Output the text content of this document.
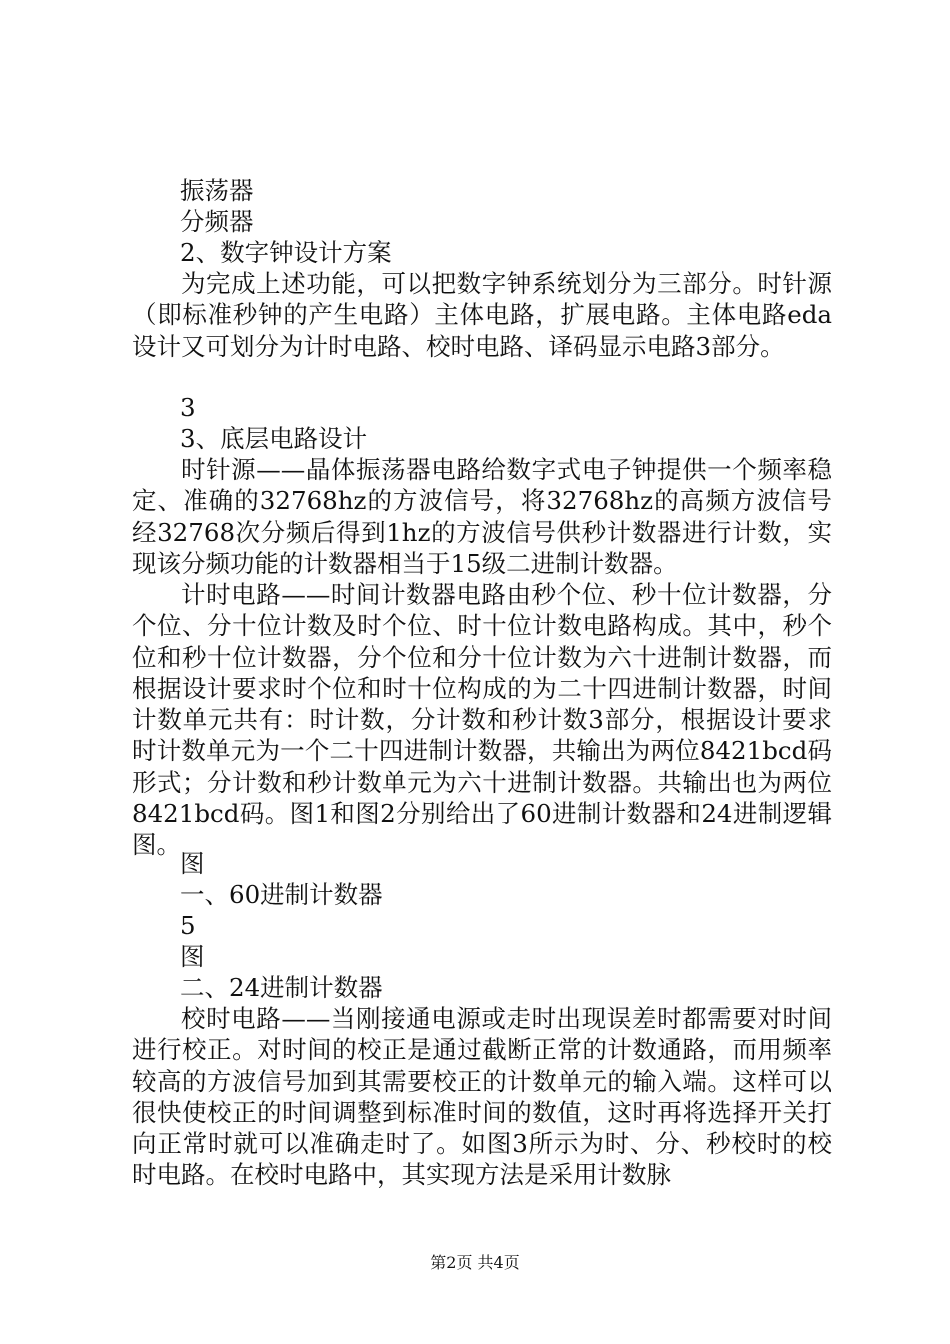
振荡器
分频器
2、数字钟设计方案
为完成上述功能，可以把数字钟系统划分为三部分。时针源（即标准秒钟的产生电路）主体电路，扩展电路。主体电路eda设计又可划分为计时电路、校时电路、译码显示电路3部分。
3
3、底层电路设计
时针源——晶体振荡器电路给数字式电子钟提供一个频率稳定、准确的32768hz的方波信号，将32768hz的高频方波信号经32768次分频后得到1hz的方波信号供秒计数器进行计数，实现该分频功能的计数器相当于15级二进制计数器。
计时电路——时间计数器电路由秒个位、秒十位计数器，分个位、分十位计数及时个位、时十位计数电路构成。其中，秒个位和秒十位计数器，分个位和分十位计数为六十进制计数器，而根据设计要求时个位和时十位构成的为二十四进制计数器，时间计数单元共有：时计数，分计数和秒计数3部分，根据设计要求时计数单元为一个二十四进制计数器，共输出为两位8421bcd码形式；分计数和秒计数单元为六十进制计数器。共输出也为两位8421bcd码。图1和图2分别给出了60进制计数器和24进制逻辑图。
图
一、60进制计数器
5
图
二、24进制计数器
校时电路——当刚接通电源或走时出现误差时都需要对时间进行校正。对时间的校正是通过截断正常的计数通路，而用频率较高的方波信号加到其需要校正的计数单元的输入端。这样可以很快使校正的时间调整到标准时间的数值，这时再将选择开关打向正常时就可以准确走时了。如图3所示为时、分、秒校时的校时电路。在校时电路中，其实现方法是采用计数脉
第2页 共4页
